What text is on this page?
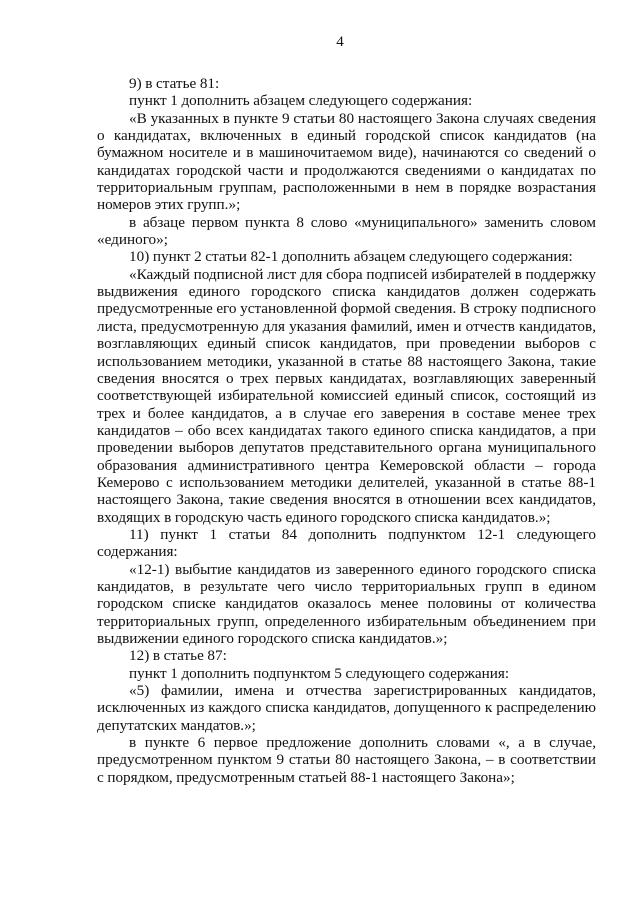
4

9) в статье 81:

пункт 1 дополнить абзацем следующего содержания:

«В указанных в пункте 9 статьи 80 настоящего Закона случаях сведения о кандидатах, включенных в единый городской список кандидатов (на бумажном носителе и в машиночитаемом виде), начинаются со сведений о кандидатах городской части и продолжаются сведениями о кандидатах по территориальным группам, расположенными в нем в порядке возрастания номеров этих групп.»;

в абзаце первом пункта 8 слово «муниципального» заменить словом «единого»;

10) пункт 2 статьи 82-1 дополнить абзацем следующего содержания:

«Каждый подписной лист для сбора подписей избирателей в поддержку выдвижения единого городского списка кандидатов должен содержать предусмотренные его установленной формой сведения. В строку подписного листа, предусмотренную для указания фамилий, имен и отчеств кандидатов, возглавляющих единый список кандидатов, при проведении выборов с использованием методики, указанной в статье 88 настоящего Закона, такие сведения вносятся о трех первых кандидатах, возглавляющих заверенный соответствующей избирательной комиссией единый список, состоящий из трех и более кандидатов, а в случае его заверения в составе менее трех кандидатов – обо всех кандидатах такого единого списка кандидатов, а при проведении выборов депутатов представительного органа муниципального образования административного центра Кемеровской области – города Кемерово с использованием методики делителей, указанной в статье 88-1 настоящего Закона, такие сведения вносятся в отношении всех кандидатов, входящих в городскую часть единого городского списка кандидатов.»;

11) пункт 1 статьи 84 дополнить подпунктом 12-1 следующего содержания:

«12-1) выбытие кандидатов из заверенного единого городского списка кандидатов, в результате чего число территориальных групп в едином городском списке кандидатов оказалось менее половины от количества территориальных групп, определенного избирательным объединением при выдвижении единого городского списка кандидатов.»;

12) в статье 87:

пункт 1 дополнить подпунктом 5 следующего содержания:

«5) фамилии, имена и отчества зарегистрированных кандидатов, исключенных из каждого списка кандидатов, допущенного к распределению депутатских мандатов.»;

в пункте 6 первое предложение дополнить словами «, а в случае, предусмотренном пунктом 9 статьи 80 настоящего Закона, – в соответствии с порядком, предусмотренным статьей 88-1 настоящего Закона»;
